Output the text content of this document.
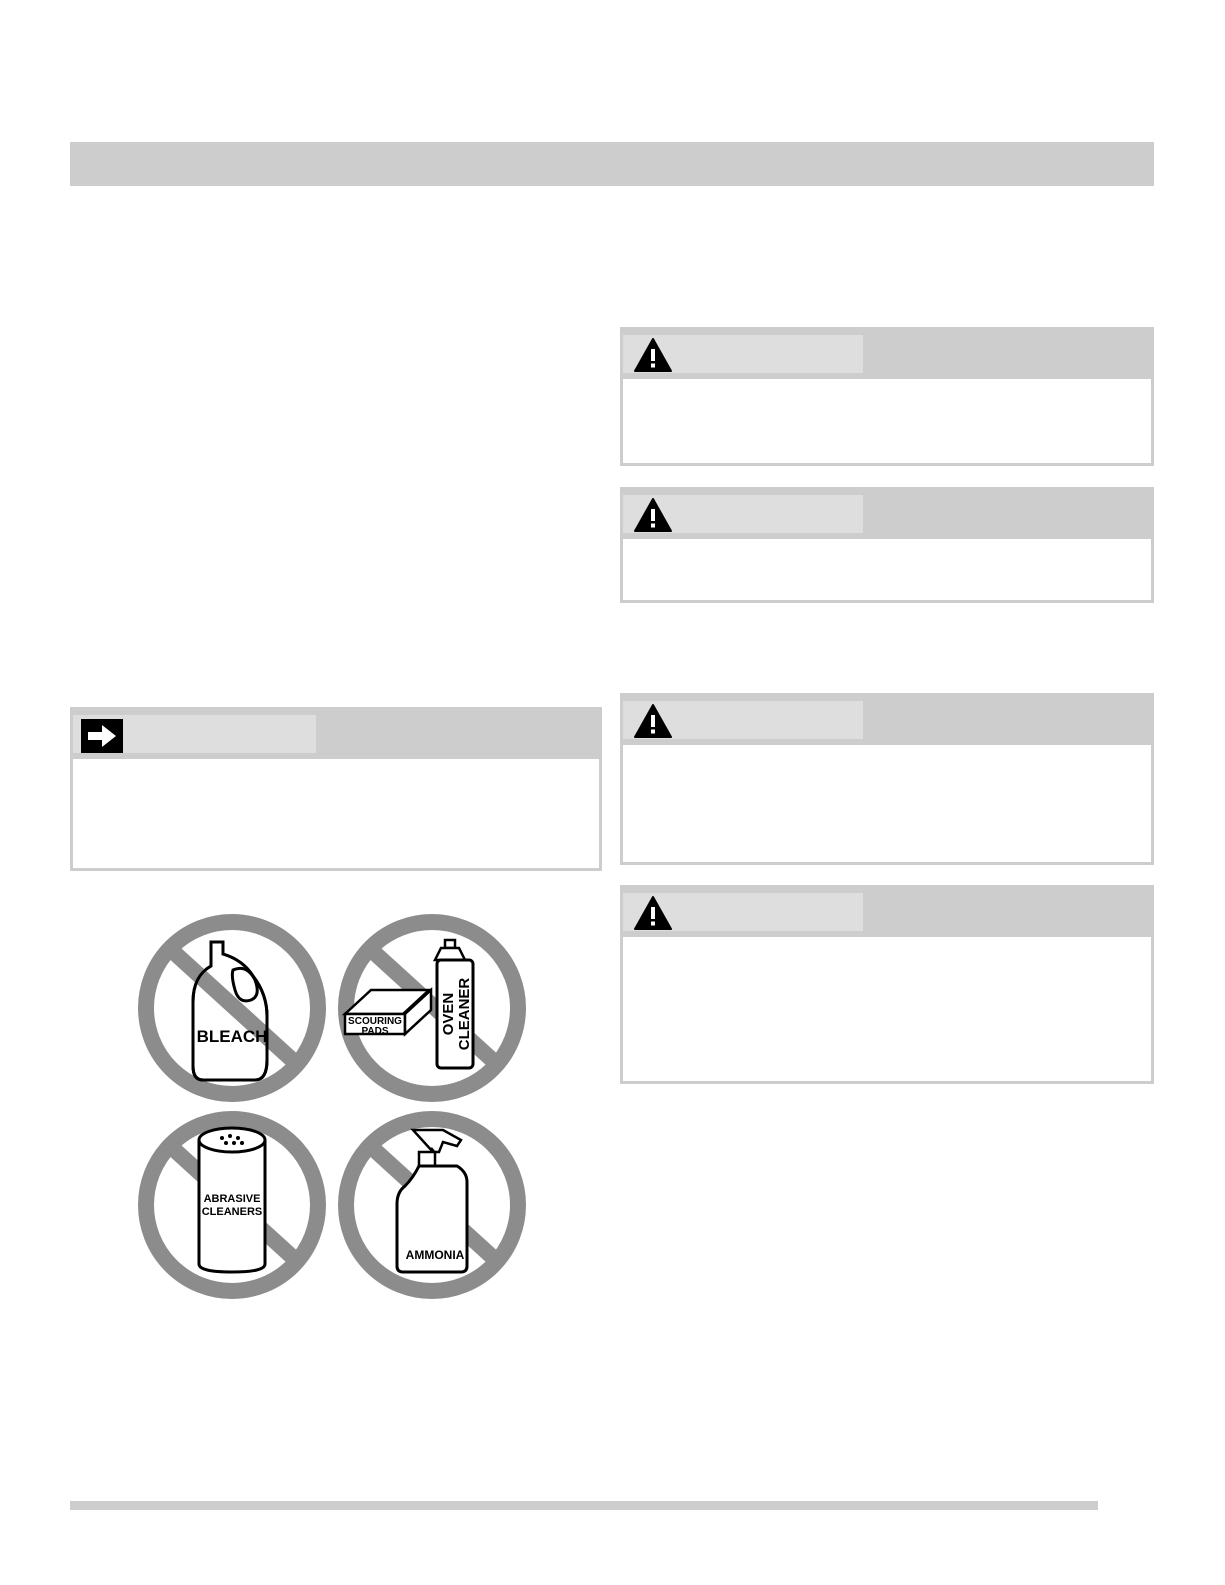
BLEACH
SCOURING
PADS	OVEN CLEANER
ABRASIVE
CLEANERS
AMMONIA
